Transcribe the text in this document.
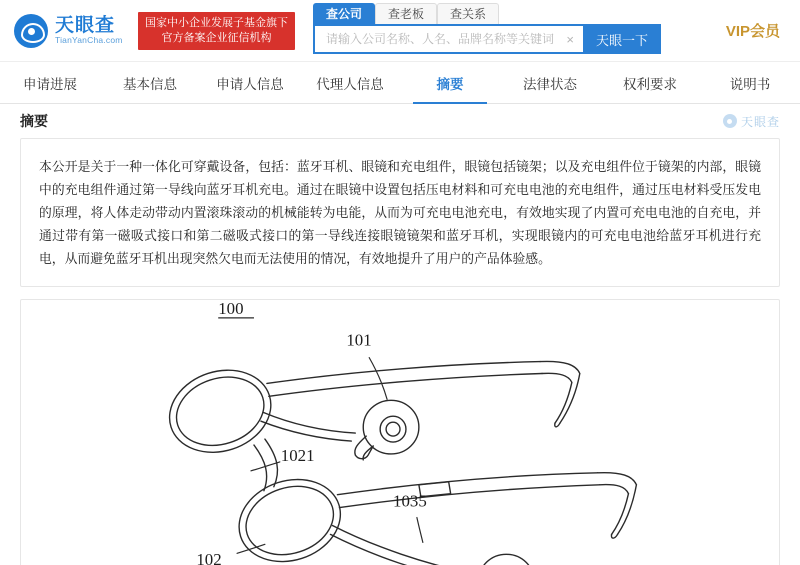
天眼查
TianYanCha.com
国家中小企业发展子基金旗下
官方备案企业征信机构
查公司	查老板	查关系
请输入公司名称、人名、品牌名称等关键词
×	天眼一下	VIP会员
申请进展	基本信息	申请人信息	代理人信息	摘要	法律状态	权利要求	说明书
摘要	天眼查
本公开是关于一种一体化可穿戴设备，包括：蓝牙耳机、眼镜和充电组件，眼镜包括镜架；以及充电组件位于镜架的内部，眼镜中的充电组件通过第一导线向蓝牙耳机充电。通过在眼镜中设置包括压电材料和可充电电池的充电组件，通过压电材料受压发电的原理，将人体走动带动内置滚珠滚动的机械能转为电能，从而为可充电电池充电，有效地实现了内置可充电电池的自充电，并通过带有第一磁吸式接口和第二磁吸式接口的第一导线连接眼镜镜架和蓝牙耳机，实现眼镜内的可充电电池给蓝牙耳机进行充电，从而避免蓝牙耳机出现突然欠电而无法使用的情况，有效地提升了用户的产品体验感。
100
101
1021
1035
102
